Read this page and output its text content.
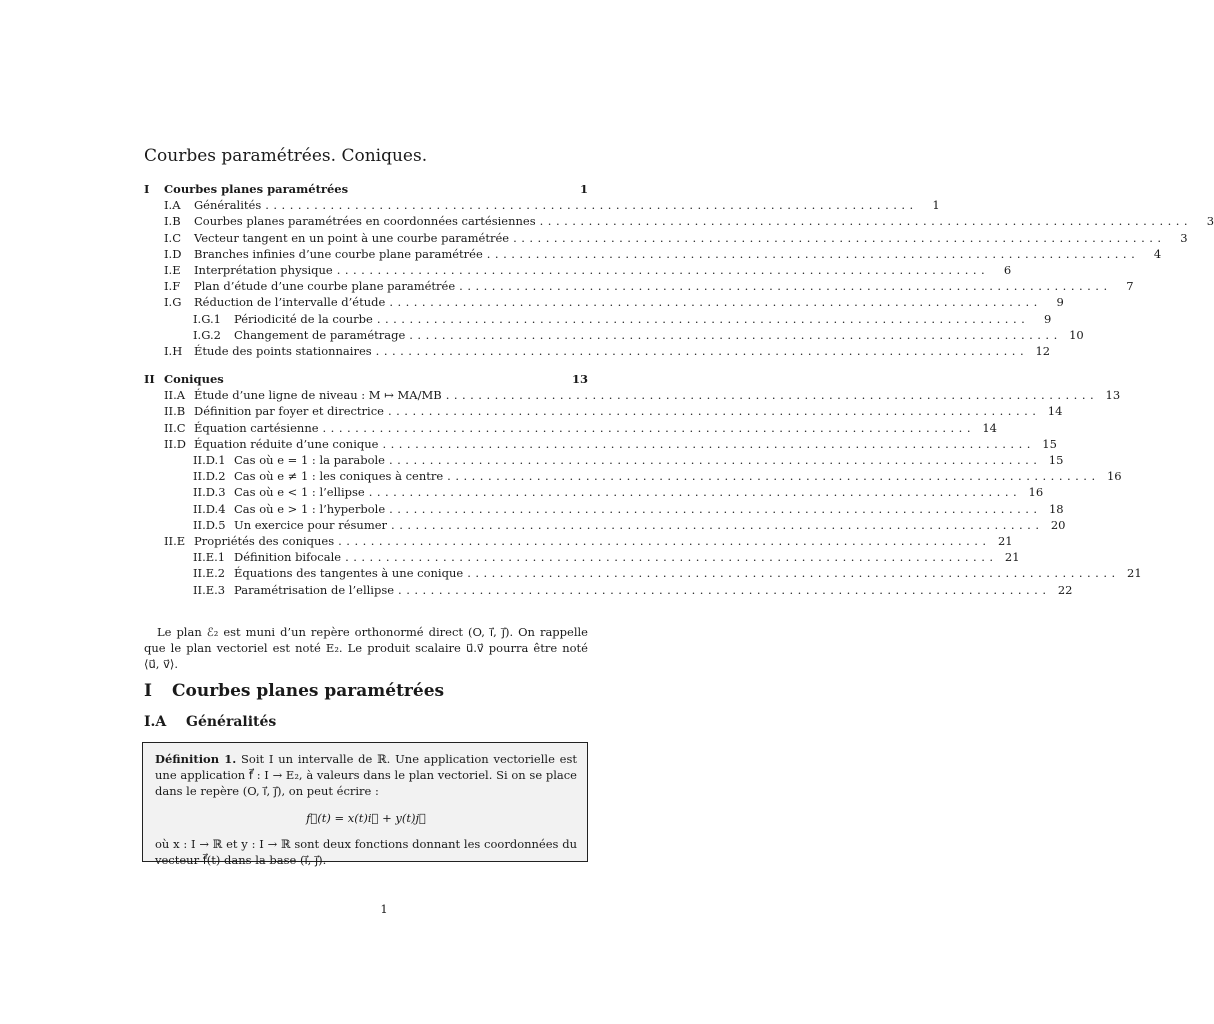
Courbes paramétrées. Coniques.
I	Courbes planes paramétrées	1
I.A	Généralités ................................................................................	1
I.B	Courbes planes paramétrées en coordonnées cartésiennes ................................................................................	3
I.C	Vecteur tangent en un point à une courbe paramétrée ................................................................................	3
I.D	Branches infinies d’une courbe plane paramétrée ................................................................................	4
I.E	Interprétation physique ................................................................................	6
I.F	Plan d’étude d’une courbe plane paramétrée ................................................................................	7
I.G	Réduction de l’intervalle d’étude ................................................................................	9
I.G.1	Périodicité de la courbe ................................................................................	9
I.G.2	Changement de paramétrage ................................................................................ 10
I.H	Étude des points stationnaires ................................................................................ 12
II Coniques	13
II.A Étude d’une ligne de niveau : M ↦ MA/MB ................................................................................ 13
II.B Définition par foyer et directrice ................................................................................ 14
II.C Équation cartésienne ................................................................................ 14
II.D Équation réduite d’une conique ................................................................................ 15
II.D.1 Cas où e = 1 : la parabole ................................................................................ 15
II.D.2 Cas où e ≠ 1 : les coniques à centre ................................................................................ 16
II.D.3 Cas où e < 1 : l’ellipse ................................................................................ 16
II.D.4 Cas où e > 1 : l’hyperbole ................................................................................ 18
II.D.5 Un exercice pour résumer ................................................................................ 20
II.E Propriétés des coniques ................................................................................ 21
II.E.1 Définition bifocale ................................................................................ 21
II.E.2 Équations des tangentes à une conique ................................................................................ 21
II.E.3 Paramétrisation de l’ellipse ................................................................................ 22

Le plan ℰ₂ est muni d’un repère orthonormé direct (O, i⃗, j⃗). On rappelle que le plan vectoriel est noté E₂. Le produit scalaire u⃗.v⃗ pourra être noté ⟨u⃗, v⃗⟩.

I Courbes planes paramétrées
I.A Généralités

Définition 1. Soit I un intervalle de ℝ. Une application vectorielle est une application f⃗ : I → E₂, à valeurs dans le plan vectoriel. Si on se place dans le repère (O, i⃗, j⃗), on peut écrire :

f⃗(t) = x(t)i⃗ + y(t)j⃗

où x : I → ℝ et y : I → ℝ sont deux fonctions donnant les coordonnées du vecteur f⃗(t) dans la base (i⃗, j⃗).

1
